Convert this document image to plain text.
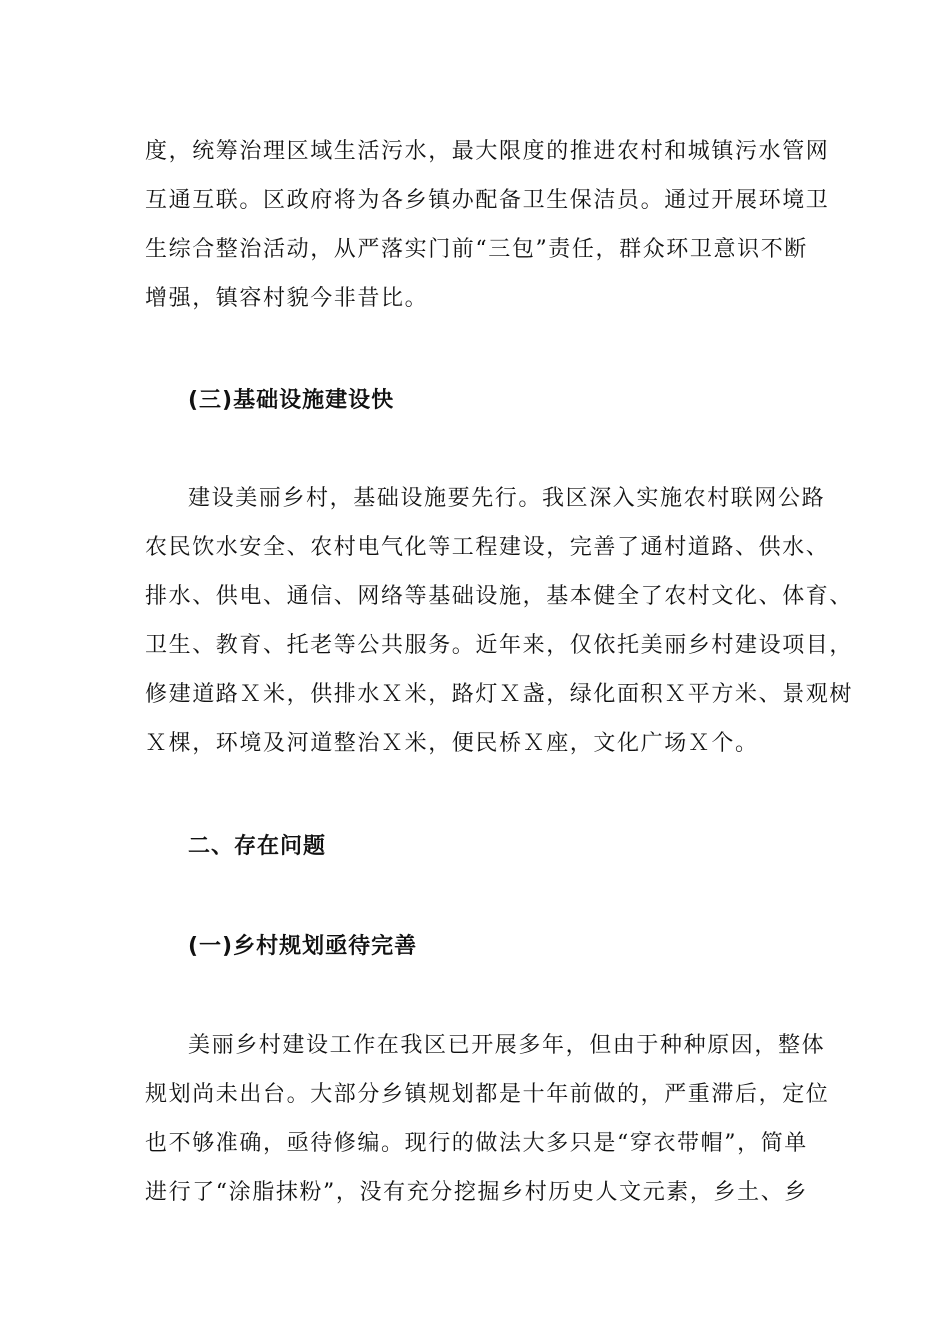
度，统筹治理区域生活污水，最大限度的推进农村和城镇污水管网
互通互联。区政府将为各乡镇办配备卫生保洁员。通过开展环境卫
生综合整治活动，从严落实门前“三包”责任，群众环卫意识不断
增强，镇容村貌今非昔比。
(三)基础设施建设快
建设美丽乡村，基础设施要先行。我区深入实施农村联网公路
农民饮水安全、农村电气化等工程建设，完善了通村道路、供水、
排水、供电、通信、网络等基础设施，基本健全了农村文化、体育、
卫生、教育、托老等公共服务。近年来，仅依托美丽乡村建设项目，
修建道路Ｘ米，供排水Ｘ米，路灯Ｘ盏，绿化面积Ｘ平方米、景观树
Ｘ棵，环境及河道整治Ｘ米，便民桥Ｘ座，文化广场Ｘ个。
二、存在问题
(一)乡村规划亟待完善
美丽乡村建设工作在我区已开展多年，但由于种种原因，整体
规划尚未出台。大部分乡镇规划都是十年前做的，严重滞后，定位
也不够准确，亟待修编。现行的做法大多只是“穿衣带帽”，简单
进行了“涂脂抹粉”，没有充分挖掘乡村历史人文元素，乡土、乡
